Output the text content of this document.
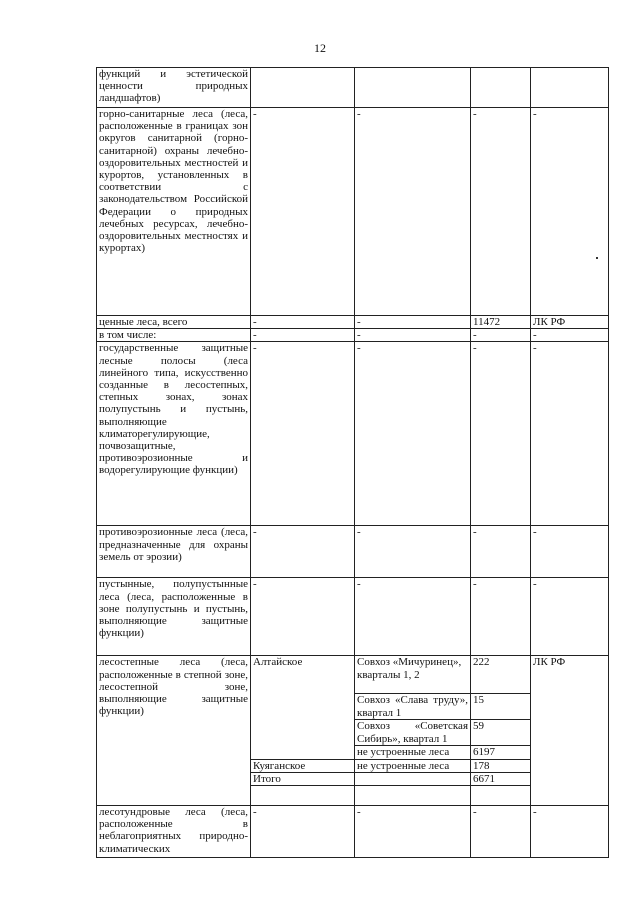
12
функций и эстетической ценности природных ландшафтов)				
горно-санитарные леса (леса, расположенные в границах зон округов санитарной (горно-санитарной) охраны лечебно-оздоровительных местностей и курортов, установленных в соответствии с законодательством Российской Федерации о природных лечебных ресурсах, лечебно-оздоровительных местностях и курортах)	-	-	-	-
ценные леса, всего	-	-	11472	ЛК РФ
в том числе:	-	-	-	-
государственные защитные лесные полосы (леса линейного типа, искусственно созданные в лесостепных, степных зонах, зонах полупустынь и пустынь, выполняющие климаторегулирующие, почвозащитные, противоэрозионные и водорегулирующие функции)	-	-	-	-
противоэрозионные леса (леса, предназначенные для охраны земель от эрозии)	-	-	-	-
пустынные, полупустынные леса (леса, расположенные в зоне полупустынь и пустынь, выполняющие защитные функции)	-	-	-	-
лесостепные леса (леса, расположенные в степной зоне, лесостепной зоне, выполняющие защитные функции)	Алтайское	Совхоз «Мичуринец», кварталы 1, 2	222	ЛК РФ
		Совхоз «Слава труду», квартал 1	15	
		Совхоз «Советская Сибирь», квартал 1	59	
		не устроенные леса	6197	
	Куяганское	не устроенные леса	178	
	Итого		6671	

лесотундровые леса (леса, расположенные в неблагоприятных природно-климатических	-	-	-	-
